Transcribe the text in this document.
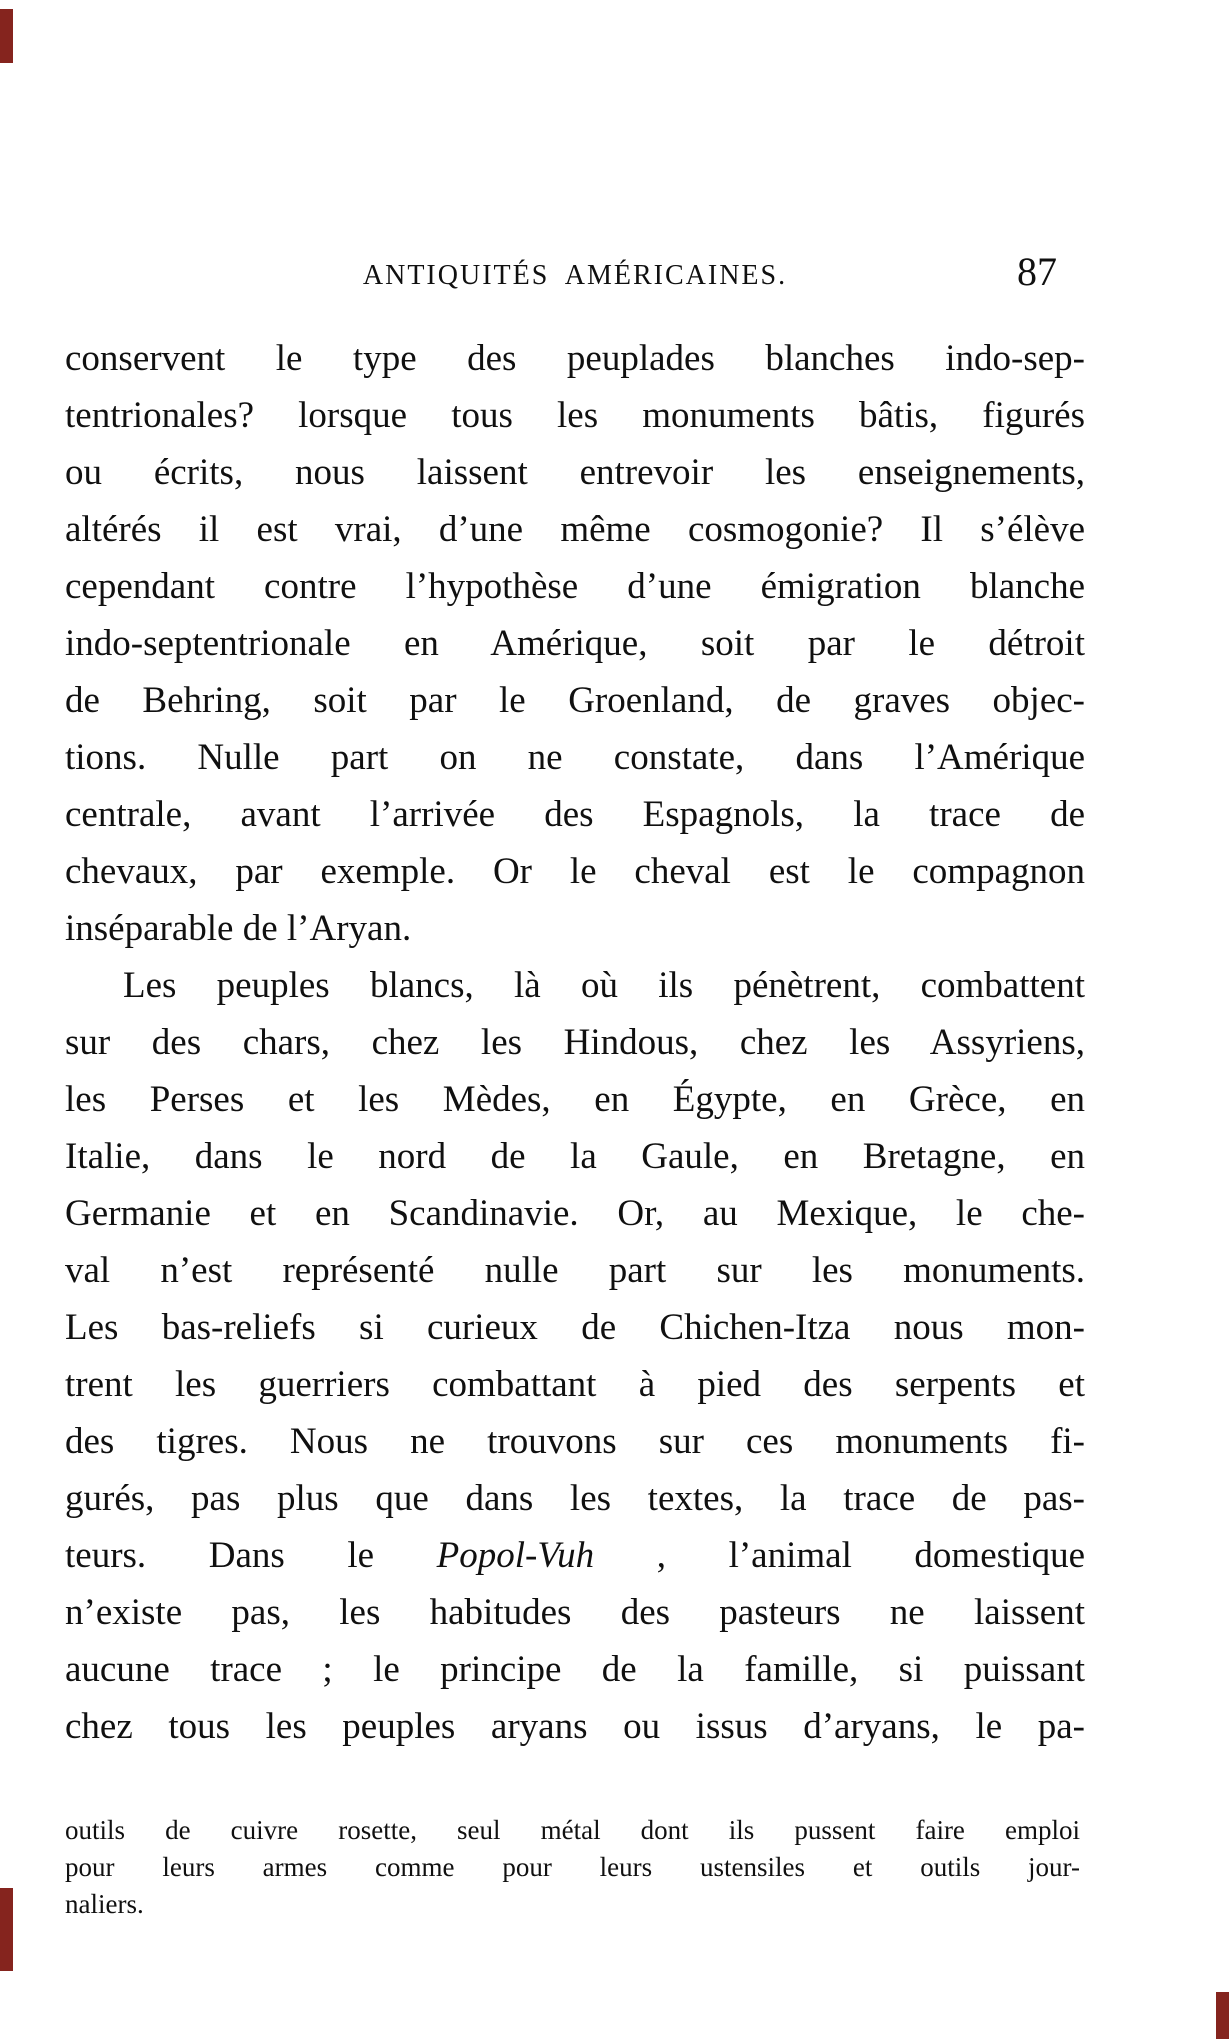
ANTIQUITÉS AMÉRICAINES.	87
conservent le type des peuplades blanches indo-sep-
tentrionales? lorsque tous les monuments bâtis, figurés
ou écrits, nous laissent entrevoir les enseignements,
altérés il est vrai, d’une même cosmogonie? Il s’élève
cependant contre l’hypothèse d’une émigration blanche
indo-septentrionale en Amérique, soit par le détroit
de Behring, soit par le Groenland, de graves objec-
tions. Nulle part on ne constate, dans l’Amérique
centrale, avant l’arrivée des Espagnols, la trace de
chevaux, par exemple. Or le cheval est le compagnon
inséparable de l’Aryan.
Les peuples blancs, là où ils pénètrent, combattent
sur des chars, chez les Hindous, chez les Assyriens,
les Perses et les Mèdes, en Égypte, en Grèce, en
Italie, dans le nord de la Gaule, en Bretagne, en
Germanie et en Scandinavie. Or, au Mexique, le che-
val n’est représenté nulle part sur les monuments.
Les bas-reliefs si curieux de Chichen-Itza nous mon-
trent les guerriers combattant à pied des serpents et
des tigres. Nous ne trouvons sur ces monuments fi-
gurés, pas plus que dans les textes, la trace de pas-
teurs. Dans le Popol-Vuh , l’animal domestique
n’existe pas, les habitudes des pasteurs ne laissent
aucune trace ; le principe de la famille, si puissant
chez tous les peuples aryans ou issus d’aryans, le pa-
outils de cuivre rosette, seul métal dont ils pussent faire emploi
pour leurs armes comme pour leurs ustensiles et outils jour-
naliers.
